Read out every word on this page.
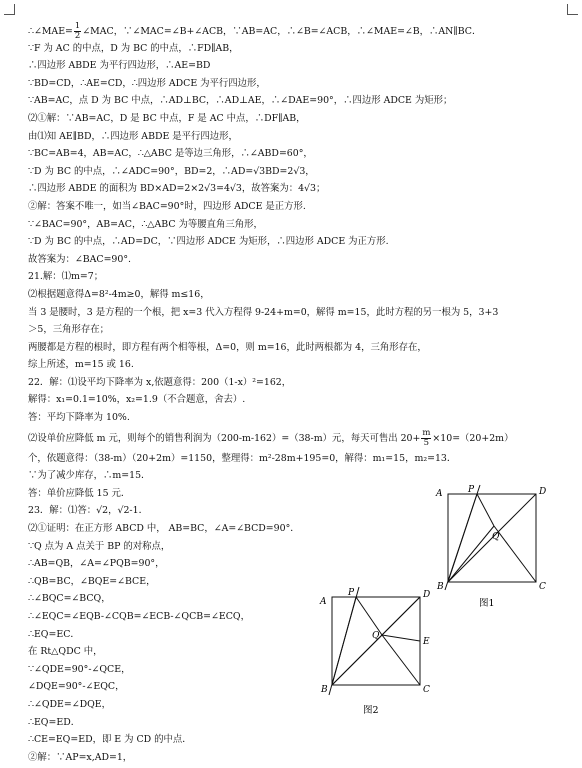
∴∠MAE= $\frac{1}{2}$ ∠MAC，∵∠MAC=∠B+∠ACB，∵AB=AC，∴∠B=∠ACB，∴∠MAE=∠B，∴AN∥BC．
∵F 为 AC 的中点，D 为 BC 的中点，∴FD∥AB，
∴四边形 ABDE 为平行四边形，∴AE=BD
∵BD=CD，∴AE=CD，∴四边形 ADCE 为平行四边形，
∵AB=AC，点 D 为 BC 中点，∴AD⊥BC，∴AD⊥AE，∴∠DAE=90°，∴四边形 ADCE 为矩形；
⑵①解：∵AB=AC，D 是 BC 中点，F 是 AC 中点，∴DF∥AB，
由⑴知 AE∥BD，∴四边形 ABDE 是平行四边形，
∵BC=AB=4，AB=AC，∴△ABC 是等边三角形，∴∠ABD=60°，
∵D 为 BC 的中点，∴∠ADC=90°，BD=2，∴AD=√3BD=2√3，
∴四边形 ABDE 的面积为 BD×AD=2×2√3=4√3，故答案为：4√3；
②解：答案不唯一，如当∠BAC=90°时，四边形 ADCE 是正方形.
∵∠BAC=90°，AB=AC，∴△ABC 为等腰直角三角形，
∵D 为 BC 的中点，∴AD=DC，∵四边形 ADCE 为矩形，∴四边形 ADCE 为正方形.
故答案为：∠BAC=90°.
21.解：⑴m=7；
⑵根据题意得Δ=8²-4m≥0，解得 m≤16，
当 3 是腰时，3 是方程的一个根，把 x=3 代入方程得 9-24+m=0，解得 m=15，此时方程的另一根为 5，3+3
＞5，三角形存在；
两腰都是方程的根时，即方程有两个相等根，Δ=0，则 m=16，此时两根都为 4，三角形存在，
综上所述，m=15 或 16.
22．解：⑴设平均下降率为 x,依题意得：200（1-x）²=162，
解得：x₁=0.1=10%，x₂=1.9（不合题意，舍去）.
答：平均下降率为 10%.
⑵设单价应降低 m 元，则每个的销售利润为（200-m-162）=（38-m）元，每天可售出 $20+ \frac{m}{5} \times 10=(20+2m)$
个，依题意得：（38-m）（20+2m）=1150，整理得：m²-28m+195=0，解得：m₁=15，m₂=13．
∵为了减少库存，∴m=15．
答：单价应降低 15 元．
23．解：⑴答：√2，√2-1．
⑵①证明：在正方形 ABCD 中， AB=BC，∠A=∠BCD=90°．
∵Q 点为 A 点关于 BP 的对称点，
∴AB=QB，∠A=∠PQB=90°，
∴QB=BC，∠BQE=∠BCE，
∴∠BQC=∠BCQ，
∴∠EQC=∠EQB-∠CQB=∠ECB-∠QCB=∠ECQ，
∴EQ=EC．
在 Rt△QDC 中，
∵∠QDE=90°-∠QCE，
∠DQE=90°-∠EQC，
∴∠QDE=∠DQE，
∴EQ=ED．
∴CE=EQ=ED，即 E 为 CD 的中点．
②解：∵AP=x,AD=1，
A	P	D
Q
B	C
图1
A
P	D
Q
E
B	C
图2
